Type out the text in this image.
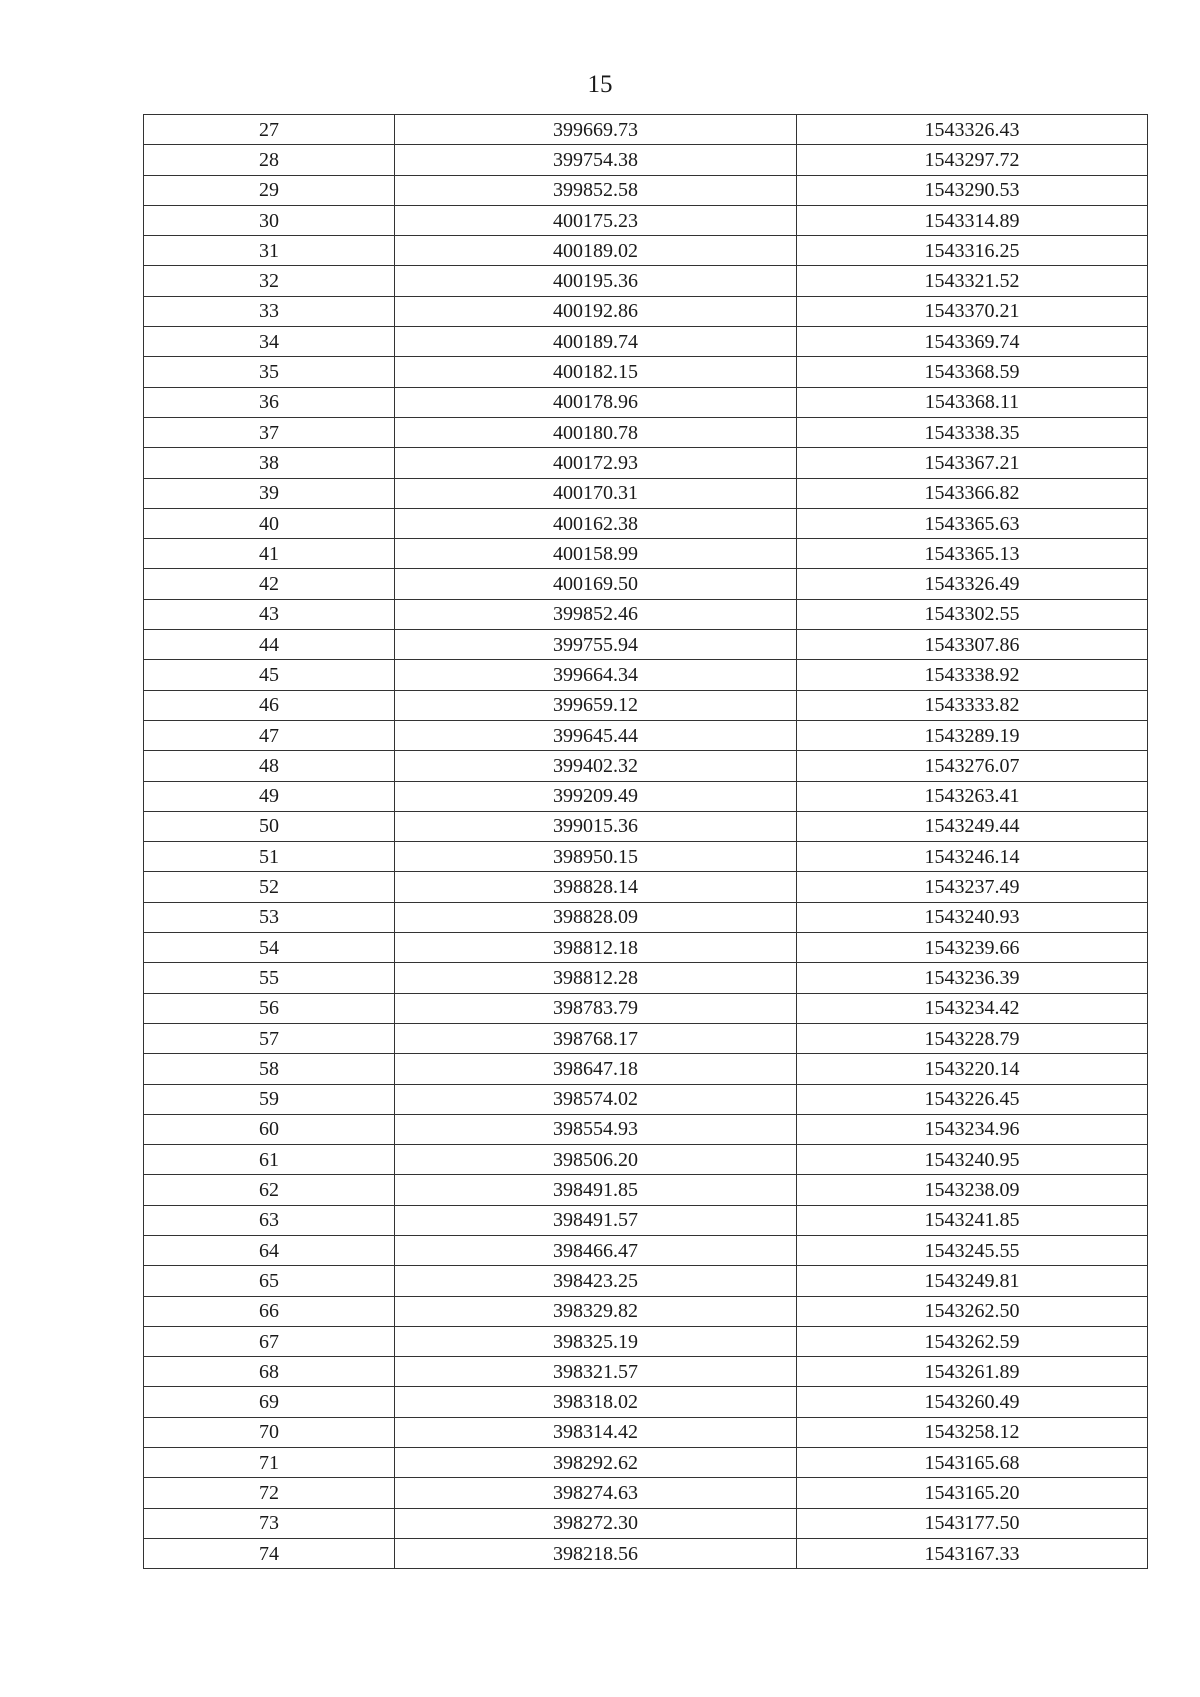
15
27	399669.73	1543326.43
28	399754.38	1543297.72
29	399852.58	1543290.53
30	400175.23	1543314.89
31	400189.02	1543316.25
32	400195.36	1543321.52
33	400192.86	1543370.21
34	400189.74	1543369.74
35	400182.15	1543368.59
36	400178.96	1543368.11
37	400180.78	1543338.35
38	400172.93	1543367.21
39	400170.31	1543366.82
40	400162.38	1543365.63
41	400158.99	1543365.13
42	400169.50	1543326.49
43	399852.46	1543302.55
44	399755.94	1543307.86
45	399664.34	1543338.92
46	399659.12	1543333.82
47	399645.44	1543289.19
48	399402.32	1543276.07
49	399209.49	1543263.41
50	399015.36	1543249.44
51	398950.15	1543246.14
52	398828.14	1543237.49
53	398828.09	1543240.93
54	398812.18	1543239.66
55	398812.28	1543236.39
56	398783.79	1543234.42
57	398768.17	1543228.79
58	398647.18	1543220.14
59	398574.02	1543226.45
60	398554.93	1543234.96
61	398506.20	1543240.95
62	398491.85	1543238.09
63	398491.57	1543241.85
64	398466.47	1543245.55
65	398423.25	1543249.81
66	398329.82	1543262.50
67	398325.19	1543262.59
68	398321.57	1543261.89
69	398318.02	1543260.49
70	398314.42	1543258.12
71	398292.62	1543165.68
72	398274.63	1543165.20
73	398272.30	1543177.50
74	398218.56	1543167.33
